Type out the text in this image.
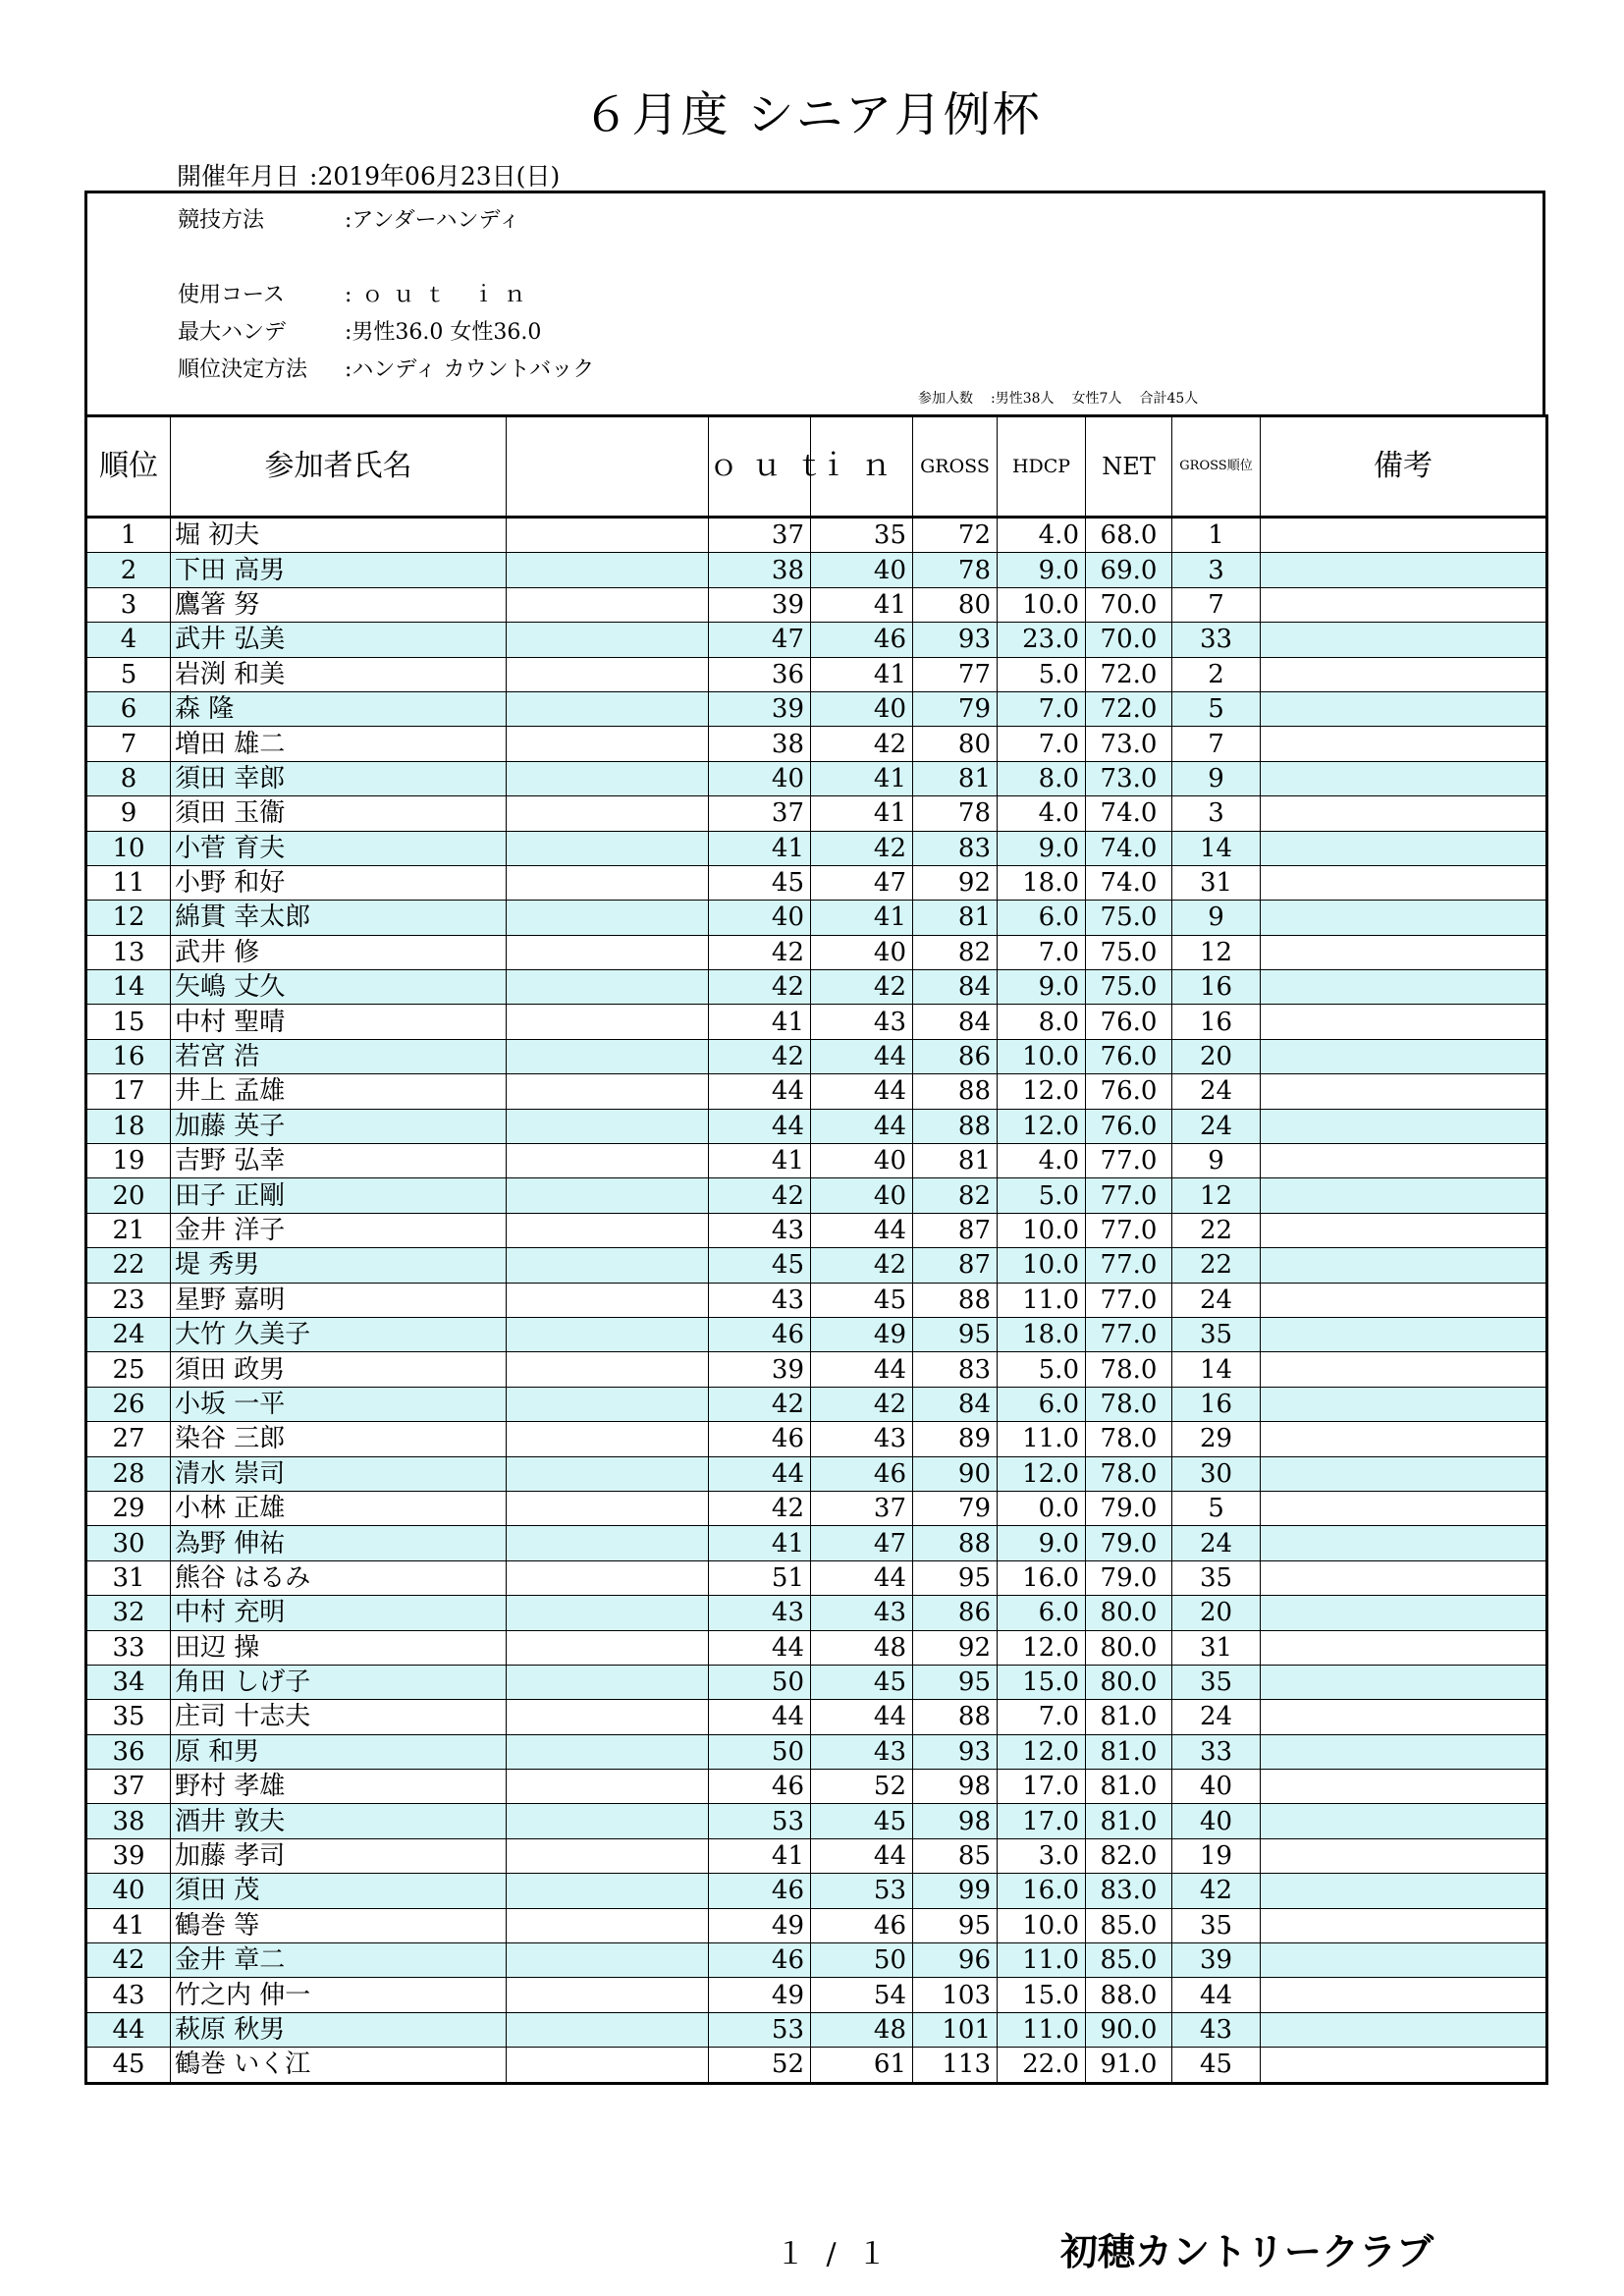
６月度 シニア月例杯
開催年月日 :2019年06月23日(日)
競技方法	:アンダーハンディ
使用コース	:ｏｕｔ ｉｎ
最大ハンデ	:男性36.0 女性36.0
順位決定方法 :ハンディ カウントバック
参加人数 :男性38人 女性7人 合計45人
順位	参加者氏名		ｏｕｔ	ｉｎ	GROSS	HDCP	NET	GROSS順位	備考
1	堀 初夫		37	35	72	4.0	68.0	1	
2	下田 高男		38	40	78	9.0	69.0	3	
3	鷹箸 努		39	41	80	10.0	70.0	7	
4	武井 弘美		47	46	93	23.0	70.0	33	
5	岩渕 和美		36	41	77	5.0	72.0	2	
6	森 隆		39	40	79	7.0	72.0	5	
7	増田 雄二		38	42	80	7.0	73.0	7	
8	須田 幸郎		40	41	81	8.0	73.0	9	
9	須田 玉衞		37	41	78	4.0	74.0	3	
10	小菅 育夫		41	42	83	9.0	74.0	14	
11	小野 和好		45	47	92	18.0	74.0	31	
12	綿貫 幸太郎		40	41	81	6.0	75.0	9	
13	武井 修		42	40	82	7.0	75.0	12	
14	矢嶋 丈久		42	42	84	9.0	75.0	16	
15	中村 聖晴		41	43	84	8.0	76.0	16	
16	若宮 浩		42	44	86	10.0	76.0	20	
17	井上 孟雄		44	44	88	12.0	76.0	24	
18	加藤 英子		44	44	88	12.0	76.0	24	
19	吉野 弘幸		41	40	81	4.0	77.0	9	
20	田子 正剛		42	40	82	5.0	77.0	12	
21	金井 洋子		43	44	87	10.0	77.0	22	
22	堤 秀男		45	42	87	10.0	77.0	22	
23	星野 嘉明		43	45	88	11.0	77.0	24	
24	大竹 久美子		46	49	95	18.0	77.0	35	
25	須田 政男		39	44	83	5.0	78.0	14	
26	小坂 一平		42	42	84	6.0	78.0	16	
27	染谷 三郎		46	43	89	11.0	78.0	29	
28	清水 崇司		44	46	90	12.0	78.0	30	
29	小林 正雄		42	37	79	0.0	79.0	5	
30	為野 伸祐		41	47	88	9.0	79.0	24	
31	熊谷 はるみ		51	44	95	16.0	79.0	35	
32	中村 充明		43	43	86	6.0	80.0	20	
33	田辺 操		44	48	92	12.0	80.0	31	
34	角田 しげ子		50	45	95	15.0	80.0	35	
35	庄司 十志夫		44	44	88	7.0	81.0	24	
36	原 和男		50	43	93	12.0	81.0	33	
37	野村 孝雄		46	52	98	17.0	81.0	40	
38	酒井 敦夫		53	45	98	17.0	81.0	40	
39	加藤 孝司		41	44	85	3.0	82.0	19	
40	須田 茂		46	53	99	16.0	83.0	42	
41	鶴巻 等		49	46	95	10.0	85.0	35	
42	金井 章二		46	50	96	11.0	85.0	39	
43	竹之内 伸一		49	54	103	15.0	88.0	44	
44	萩原 秋男		53	48	101	11.0	90.0	43	
45	鶴巻 いく江		52	61	113	22.0	91.0	45	
１ / １	初穂カントリークラブ
